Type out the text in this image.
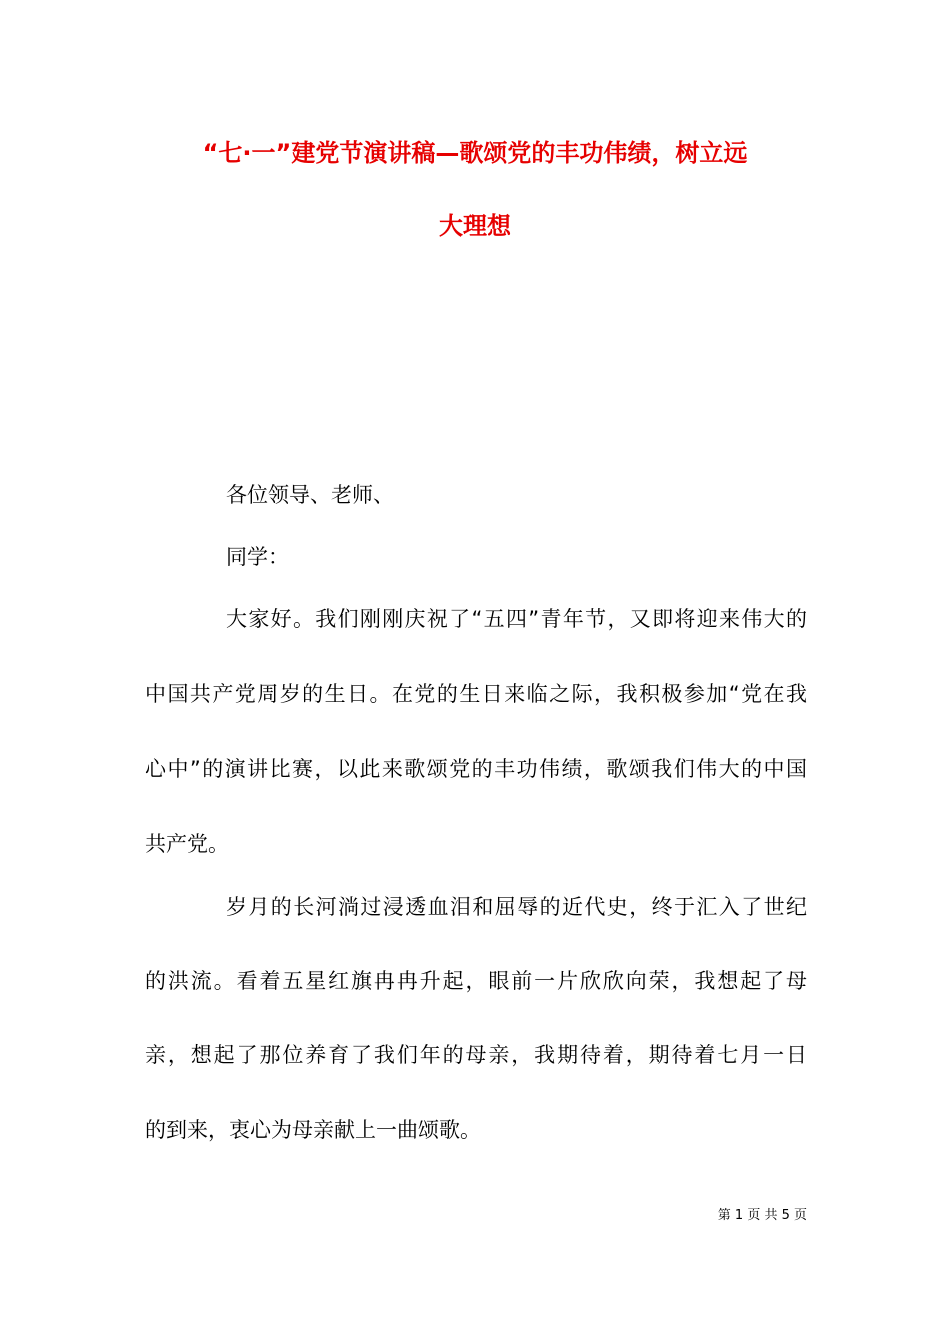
“七·一”建党节演讲稿—歌颂党的丰功伟绩，树立远
大理想
各位领导、老师、
同学：
大家好。我们刚刚庆祝了“五四”青年节，又即将迎来伟大的
中国共产党周岁的生日。在党的生日来临之际，我积极参加“党在我
心中”的演讲比赛，以此来歌颂党的丰功伟绩，歌颂我们伟大的中国
共产党。
岁月的长河淌过浸透血泪和屈辱的近代史，终于汇入了世纪
的洪流。看着五星红旗冉冉升起，眼前一片欣欣向荣，我想起了母
亲，想起了那位养育了我们年的母亲，我期待着，期待着七月一日
的到来，衷心为母亲献上一曲颂歌。
第 1 页 共 5 页
